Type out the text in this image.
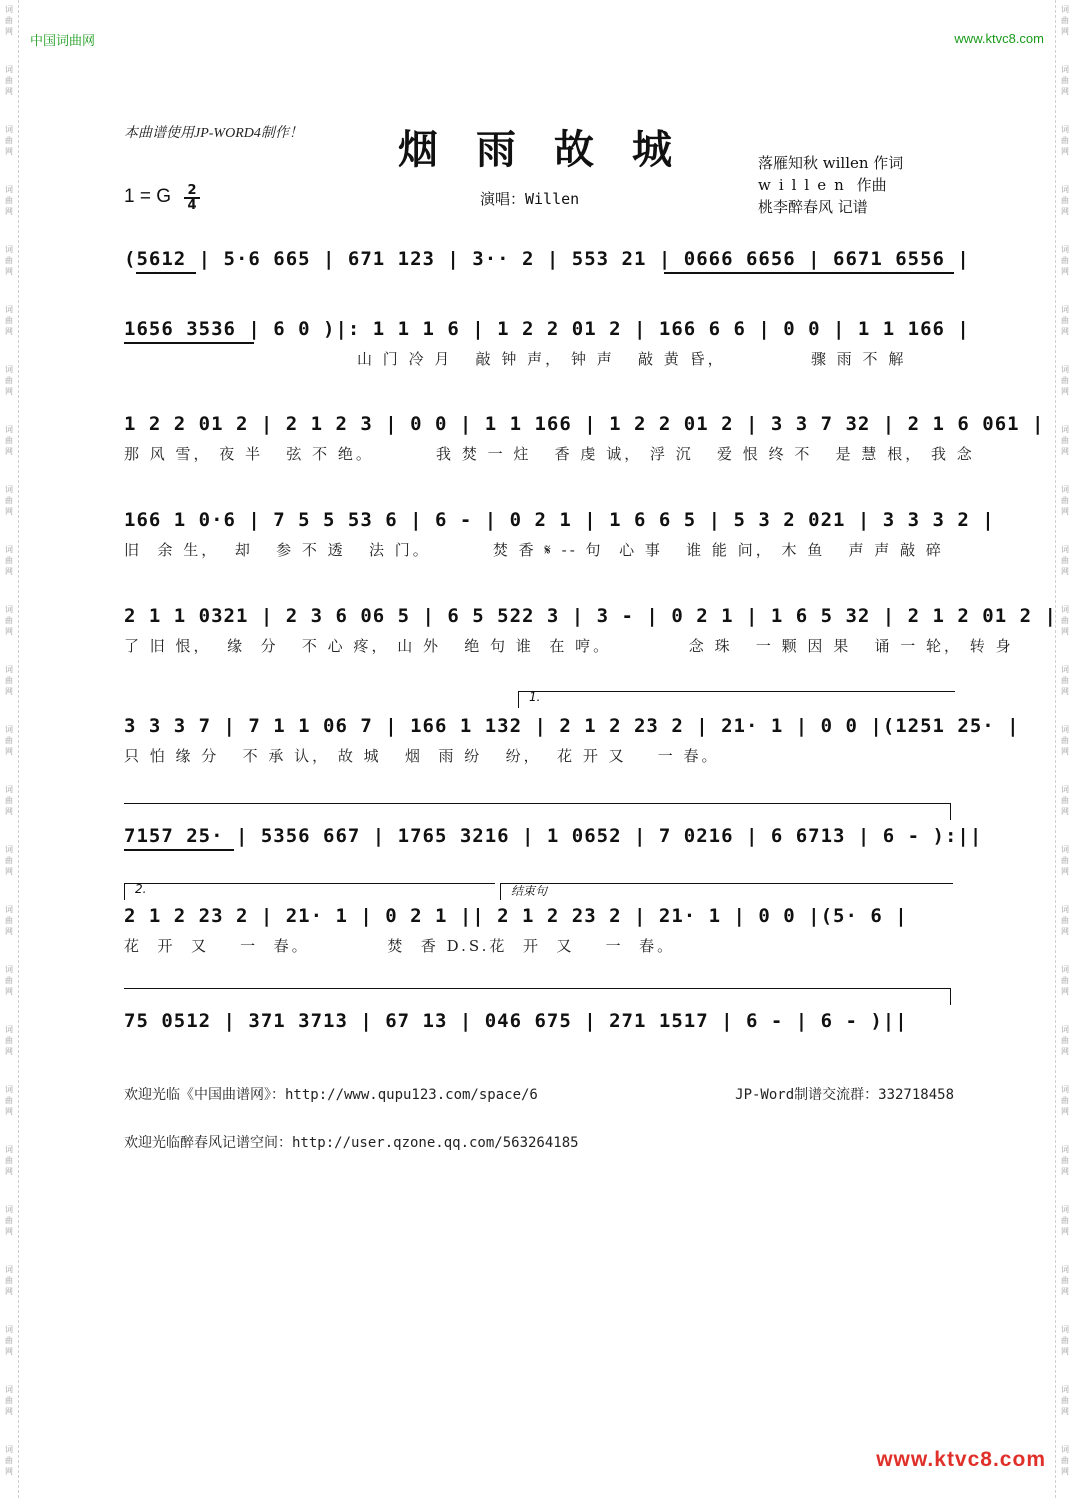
词曲网
词曲网
词曲网
词曲网
词曲网
词曲网
词曲网
词曲网
词曲网
词曲网
词曲网
词曲网
词曲网
词曲网
词曲网
词曲网
词曲网
词曲网
词曲网
词曲网
词曲网
词曲网
词曲网
词曲网
词曲网
词曲网
词曲网
词曲网
词曲网
词曲网
词曲网
词曲网
词曲网
词曲网
词曲网
词曲网
词曲网
词曲网
词曲网
词曲网
词曲网
词曲网
词曲网
词曲网
词曲网
词曲网
词曲网
词曲网
词曲网
词曲网
中国词曲网	www.ktvc8.com
本曲谱使用JP-WORD4制作！ 烟雨故城
1 = G 2
4	演唱：Willen
落雁知秋 willen 作词
willen 作曲
桃李醉春风 记谱
(5612 | 5·6 665 | 671 123 | 3·· 2 | 553 21 | 0666 6656 | 6671 6556 |
1656 3536 | 6 0 )|: 1 1 1 6 | 1 2 2 01 2 | 166 6 6 | 0 0 | 1 1 166 |
山 门 冷 月   敲 钟 声， 钟 声   敲 黄 昏，           骤 雨 不 解
1 2 2 01 2 | 2 1 2 3 | 0 0 | 1 1 166 | 1 2 2 01 2 | 3 3 7 32 | 2 1 6 061 |
那 风 雪， 夜 半   弦 不 绝。        我 焚 一 炷   香 虔 诚， 浮 沉   爱 恨 终 不   是 慧 根， 我 念
166 1 0·6 | 7 5 5 53 6 | 6 - | 0 2 1 | 1 6 6 5 | 5 3 2 021 | 3 3 3 2 |
旧  余 生，  却   参 不 透   法 门。        焚 香 𝄋 -- 句  心 事   谁 能 问， 木 鱼   声 声 敲 碎
2 1 1 0321 | 2 3 6 06 5 | 6 5 522 3 | 3 - | 0 2 1 | 1 6 5 32 | 2 1 2 01 2 |
了 旧 恨，  缘  分   不 心 疼， 山 外   绝 句 谁  在 哼。          念 珠   一 颗 因 果   诵 一 轮， 转 身
1.
3 3 3 7 | 7 1 1 06 7 | 166 1 132 | 2 1 2 23 2 | 21· 1 | 0 0 |(1251 25· |
只 怕 缘 分   不 承 认， 故 城   烟  雨 纷   纷，  花 开 又    一 春。
7157 25· | 5356 667 | 1765 3216 | 1 0652 | 7 0216 | 6 6713 | 6 - ):||
2.	结束句
2 1 2 23 2 | 21· 1 | 0 2 1 || 2 1 2 23 2 | 21· 1 | 0 0 |(5· 6 |
花  开  又    一  春。          焚  香 D.S.花  开  又    一  春。
75 0512 | 371 3713 | 67 13 | 046 675 | 271 1517 | 6 - | 6 - )||
欢迎光临《中国曲谱网》：http://www.qupu123.com/space/6	JP-Word制谱交流群：332718458
欢迎光临醉春风记谱空间：http://user.qzone.qq.com/563264185
www.ktvc8.com
